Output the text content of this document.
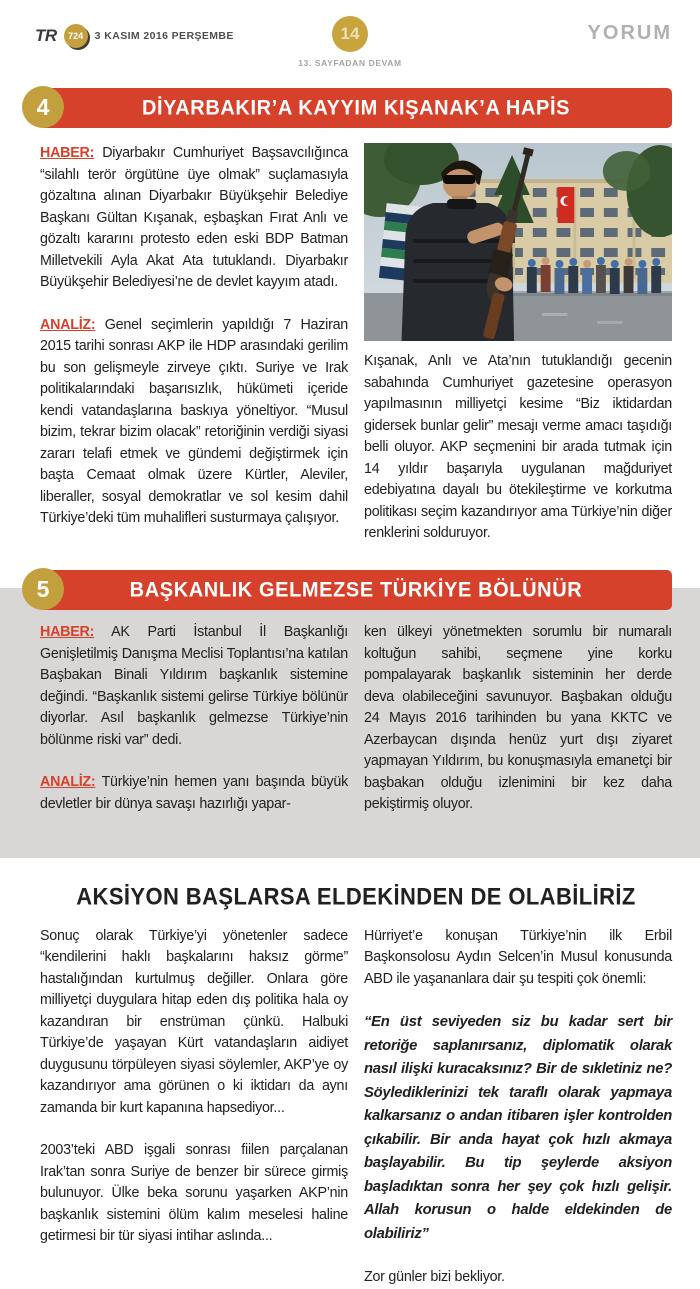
TR	724	3 KASIM 2016 PERŞEMBE	14
13. SAYFADAN DEVAM
YORUM
4	DİYARBAKIR’A KAYYIM KIŞANAK’A HAPİS

HABER: Diyarbakır Cumhuriyet Başsavcılığınca “silahlı terör örgütüne üye olmak” suçlamasıyla gözaltına alınan Diyarbakır Büyükşehir Belediye Başkanı Gültan Kışanak, eşbaşkan Fırat Anlı ve gözaltı kararını protesto eden eski BDP Batman Milletvekili Ayla Akat Ata tutuklandı. Diyarbakır Büyükşehir Belediyesi’ne de devlet kayyım atadı.

ANALİZ: Genel seçimlerin yapıldığı 7 Haziran 2015 tarihi sonrası AKP ile HDP arasındaki gerilim bu son gelişmeyle zirveye çıktı. Suriye ve Irak politikalarındaki başarısızlık, hükümeti içeride kendi vatandaşlarına baskıya yöneltiyor. “Musul bizim, tekrar bizim olacak” retoriğinin verdiği siyasi zararı telafi etmek ve gündemi değiştirmek için başta Cemaat olmak üzere Kürtler, Aleviler, liberaller, sosyal demokratlar ve sol kesim dahil Türkiye’deki tüm muhalifleri susturmaya çalışıyor.

Kışanak, Anlı ve Ata’nın tutuklandığı gecenin sabahında Cumhuriyet gazetesine operasyon yapılmasının milliyetçi kesime “Biz iktidardan gidersek bunlar gelir” mesajı verme amacı taşıdığı belli oluyor. AKP seçmenini bir arada tutmak için 14 yıldır başarıyla uygulanan mağduriyet edebiyatına dayalı bu ötekileştirme ve korkutma politikası seçim kazandırıyor ama Türkiye’nin diğer renklerini solduruyor.

5	BAŞKANLIK GELMEZSE TÜRKİYE BÖLÜNÜR

HABER: AK Parti İstanbul İl Başkanlığı Genişletilmiş Danışma Meclisi Toplantısı’na katılan Başbakan Binali Yıldırım başkanlık sistemine değindi. “Başkanlık sistemi gelirse Türkiye bölünür diyorlar. Asıl başkanlık gelmezse Türkiye’nin bölünme riski var” dedi.

ANALİZ: Türkiye’nin hemen yanı başında büyük devletler bir dünya savaşı hazırlığı yapar-

ken ülkeyi yönetmekten sorumlu bir numaralı koltuğun sahibi, seçmene yine korku pompalayarak başkanlık sisteminin her derde deva olabileceğini savunuyor. Başbakan olduğu 24 Mayıs 2016 tarihinden bu yana KKTC ve Azerbaycan dışında henüz yurt dışı ziyaret yapmayan Yıldırım, bu konuşmasıyla emanetçi bir başbakan olduğu izlenimini bir kez daha pekiştirmiş oluyor.

AKSİYON BAŞLARSA ELDEKİNDEN DE OLABİLİRİZ

Sonuç olarak Türkiye’yi yönetenler sadece “kendilerini haklı başkalarını haksız görme” hastalığından kurtulmuş değiller. Onlara göre milliyetçi duygulara hitap eden dış politika hala oy kazandıran bir enstrüman çünkü. Halbuki Türkiye’de yaşayan Kürt vatandaşların aidiyet duygusunu törpüleyen siyasi söylemler, AKP’ye oy kazandırıyor ama görünen o ki iktidarı da aynı zamanda bir kurt kapanına hapsediyor...

2003’teki ABD işgali sonrası fiilen parçalanan Irak’tan sonra Suriye de benzer bir sürece girmiş bulunuyor. Ülke beka sorunu yaşarken AKP’nin başkanlık sistemini ölüm kalım meselesi haline getirmesi bir tür siyasi intihar aslında...

Hürriyet’e konuşan Türkiye’nin ilk Erbil Başkonsolosu Aydın Selcen’in Musul konusunda ABD ile yaşananlara dair şu tespiti çok önemli:

“En üst seviyeden siz bu kadar sert bir retoriğe saplanırsanız, diplomatik olarak nasıl ilişki kuracaksınız? Bir de sıkletiniz ne? Söylediklerinizi tek taraflı olarak yapmaya kalkarsanız o andan itibaren işler kontrolden çıkabilir. Bir anda hayat çok hızlı akmaya başlayabilir. Bu tip şeylerde aksiyon başladıktan sonra her şey çok hızlı gelişir. Allah korusun o halde eldekinden de olabiliriz”

Zor günler bizi bekliyor.
